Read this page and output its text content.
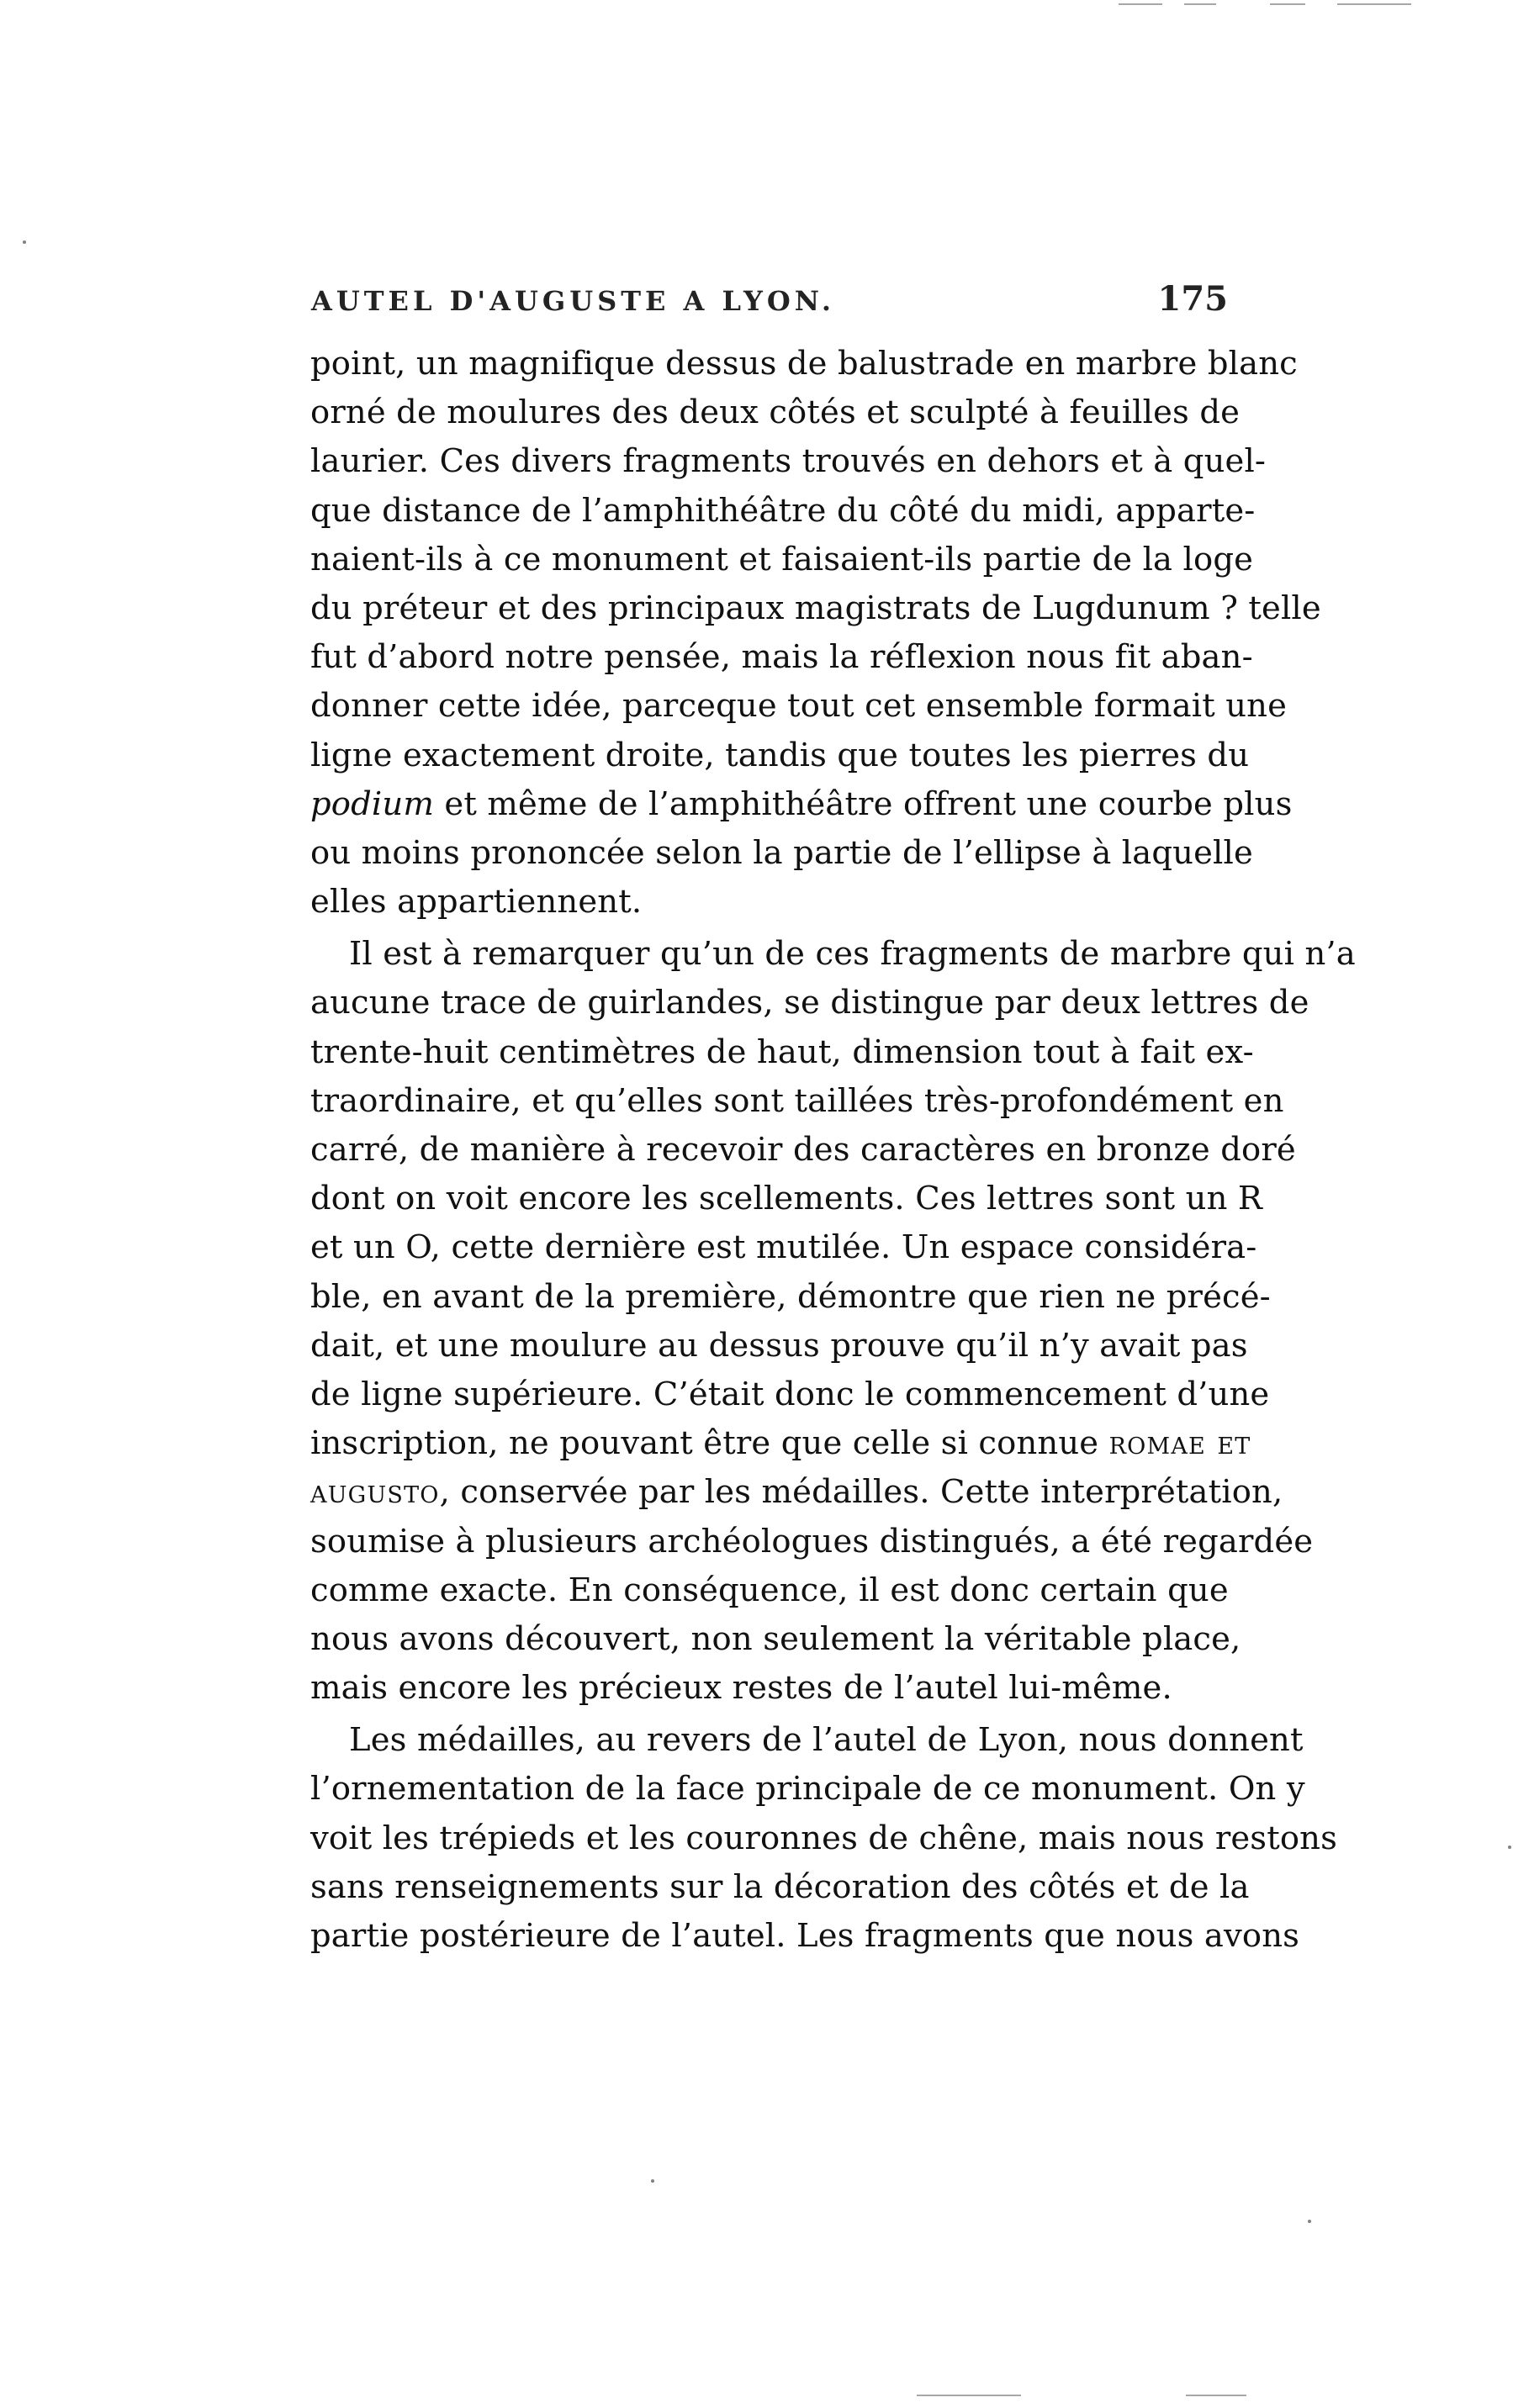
AUTEL D'AUGUSTE A LYON.	175
point, un magnifique dessus de balustrade en marbre blanc
orné de moulures des deux côtés et sculpté à feuilles de
laurier. Ces divers fragments trouvés en dehors et à quel-
que distance de l’amphithéâtre du côté du midi, apparte-
naient-ils à ce monument et faisaient-ils partie de la loge
du préteur et des principaux magistrats de Lugdunum ? telle
fut d’abord notre pensée, mais la réflexion nous fit aban-
donner cette idée, parceque tout cet ensemble formait une
ligne exactement droite, tandis que toutes les pierres du
podium et même de l’amphithéâtre offrent une courbe plus
ou moins prononcée selon la partie de l’ellipse à laquelle
elles appartiennent.
Il est à remarquer qu’un de ces fragments de marbre qui n’a
aucune trace de guirlandes, se distingue par deux lettres de
trente-huit centimètres de haut, dimension tout à fait ex-
traordinaire, et qu’elles sont taillées très-profondément en
carré, de manière à recevoir des caractères en bronze doré
dont on voit encore les scellements. Ces lettres sont un R
et un O, cette dernière est mutilée. Un espace considéra-
ble, en avant de la première, démontre que rien ne précé-
dait, et une moulure au dessus prouve qu’il n’y avait pas
de ligne supérieure. C’était donc le commencement d’une
inscription, ne pouvant être que celle si connue romae et
augusto, conservée par les médailles. Cette interprétation,
soumise à plusieurs archéologues distingués, a été regardée
comme exacte. En conséquence, il est donc certain que
nous avons découvert, non seulement la véritable place,
mais encore les précieux restes de l’autel lui-même.
Les médailles, au revers de l’autel de Lyon, nous donnent
l’ornementation de la face principale de ce monument. On y
voit les trépieds et les couronnes de chêne, mais nous restons
sans renseignements sur la décoration des côtés et de la
partie postérieure de l’autel. Les fragments que nous avons
